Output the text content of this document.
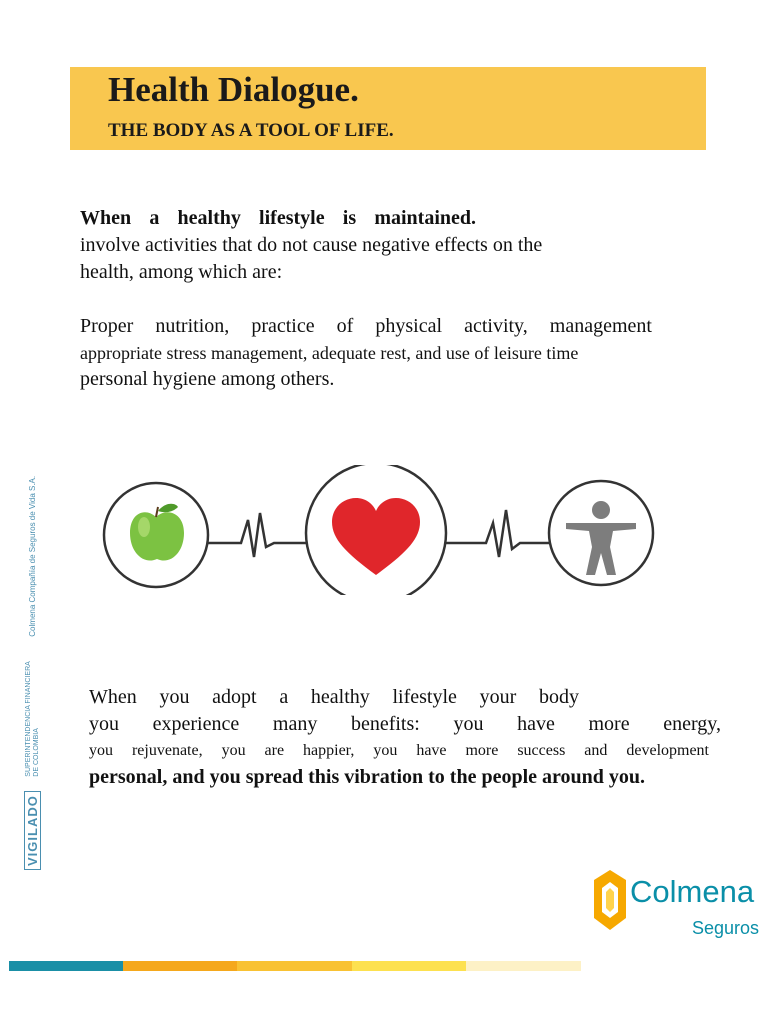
Health Dialogue.
THE BODY AS A TOOL OF LIFE.
When a healthy lifestyle is maintained.
involve activities that do not cause negative effects on the
health, among which are:
Proper nutrition, practice of physical activity, management
appropriate stress management, adequate rest, and use of leisure time
personal hygiene among others.
When you adopt a healthy lifestyle your body
you experience many benefits: you have more energy,
you rejuvenate, you are happier, you have more success and development
personal, and you spread this vibration to the people around you.
VIGILADO
SUPERINTENDENCIA FINANCIERA DE COLOMBIA
Colmena Compañía de Seguros de Vida S.A.
Colmena
Seguros
